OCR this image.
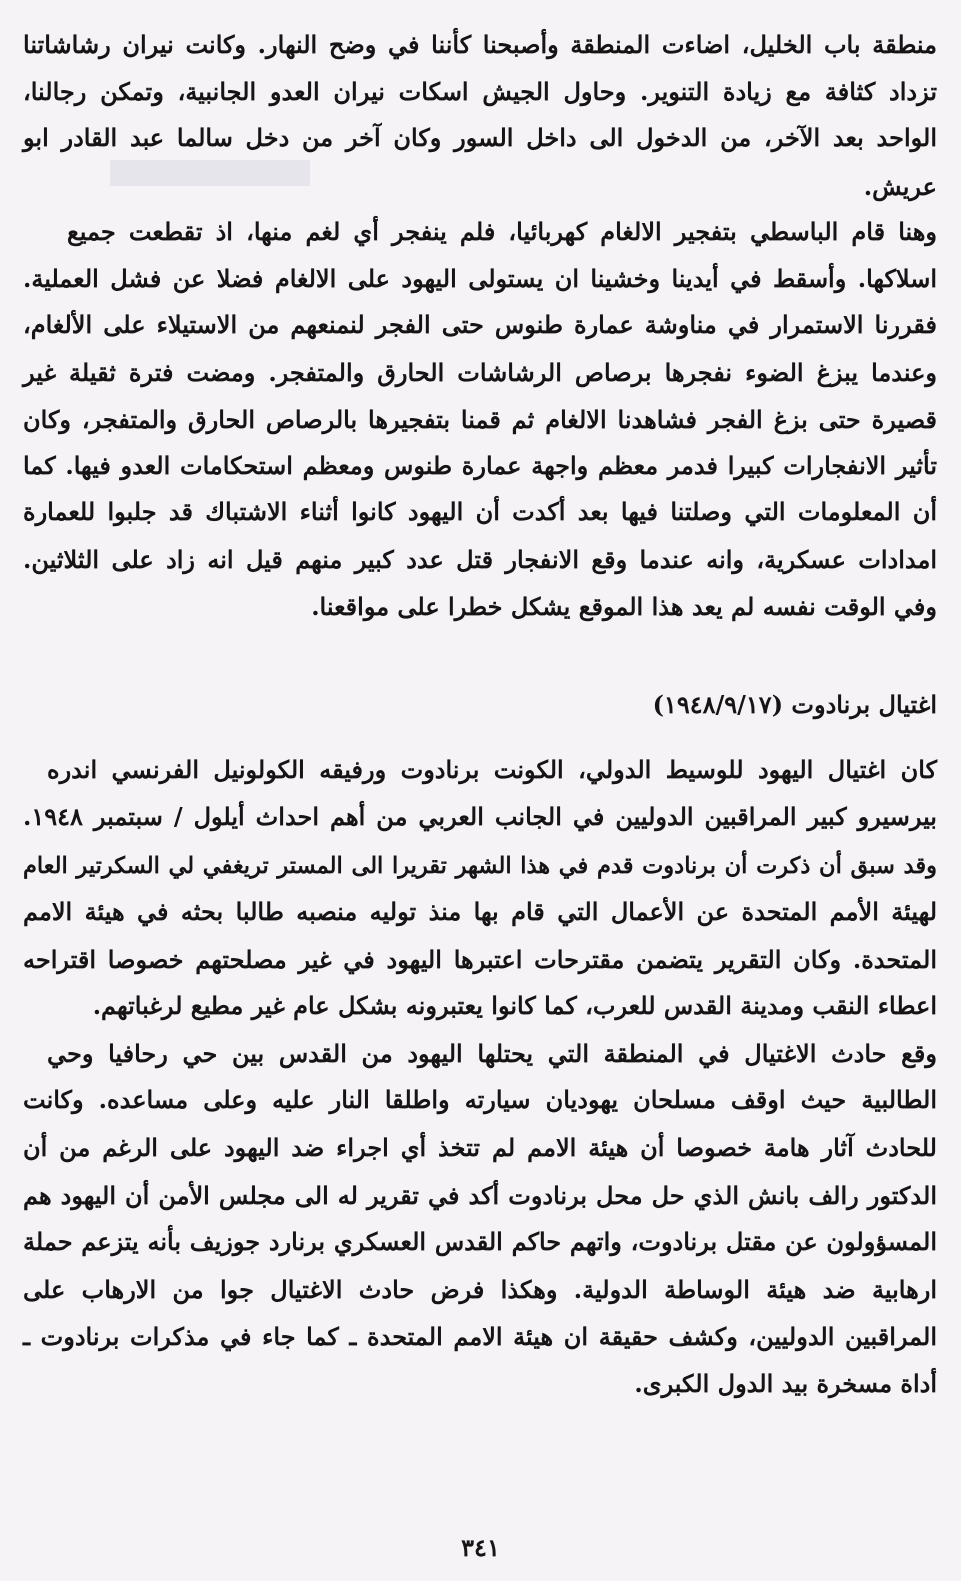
منطقة باب الخليل، اضاءت المنطقة وأصبحنا كأننا في وضح النهار. وكانت نيران رشاشاتنا
تزداد كثافة مع زيادة التنوير. وحاول الجيش اسكات نيران العدو الجانبية، وتمكن رجالنا،
الواحد بعد الآخر، من الدخول الى داخل السور وكان آخر من دخل سالما عبد القادر ابو
عريش.
وهنا قام الباسطي بتفجير الالغام كهربائيا، فلم ينفجر أي لغم منها، اذ تقطعت جميع
اسلاكها. وأسقط في أيدينا وخشينا ان يستولى اليهود على الالغام فضلا عن فشل العملية.
فقررنا الاستمرار في مناوشة عمارة طنوس حتى الفجر لنمنعهم من الاستيلاء على الألغام،
وعندما يبزغ الضوء نفجرها برصاص الرشاشات الحارق والمتفجر. ومضت فترة ثقيلة غير
قصيرة حتى بزغ الفجر فشاهدنا الالغام ثم قمنا بتفجيرها بالرصاص الحارق والمتفجر، وكان
تأثير الانفجارات كبيرا فدمر معظم واجهة عمارة طنوس ومعظم استحكامات العدو فيها. كما
أن المعلومات التي وصلتنا فيها بعد أكدت أن اليهود كانوا أثناء الاشتباك قد جلبوا للعمارة
امدادات عسكرية، وانه عندما وقع الانفجار قتل عدد كبير منهم قيل انه زاد على الثلاثين.
وفي الوقت نفسه لم يعد هذا الموقع يشكل خطرا على مواقعنا.
اغتيال برنادوت (١٩٤٨/٩/١٧)
كان اغتيال اليهود للوسيط الدولي، الكونت برنادوت ورفيقه الكولونيل الفرنسي اندره
بيرسيرو كبير المراقبين الدوليين في الجانب العربي من أهم احداث أيلول / سبتمبر ١٩٤٨.
وقد سبق أن ذكرت أن برنادوت قدم في هذا الشهر تقريرا الى المستر تريغفي لي السكرتير العام
لهيئة الأمم المتحدة عن الأعمال التي قام بها منذ توليه منصبه طالبا بحثه في هيئة الامم
المتحدة. وكان التقرير يتضمن مقترحات اعتبرها اليهود في غير مصلحتهم خصوصا اقتراحه
اعطاء النقب ومدينة القدس للعرب، كما كانوا يعتبرونه بشكل عام غير مطيع لرغباتهم.
وقع حادث الاغتيال في المنطقة التي يحتلها اليهود من القدس بين حي رحافيا وحي
الطالبية حيث اوقف مسلحان يهوديان سيارته واطلقا النار عليه وعلى مساعده. وكانت
للحادث آثار هامة خصوصا أن هيئة الامم لم تتخذ أي اجراء ضد اليهود على الرغم من أن
الدكتور رالف بانش الذي حل محل برنادوت أكد في تقرير له الى مجلس الأمن أن اليهود هم
المسؤولون عن مقتل برنادوت، واتهم حاكم القدس العسكري برنارد جوزيف بأنه يتزعم حملة
ارهابية ضد هيئة الوساطة الدولية. وهكذا فرض حادث الاغتيال جوا من الارهاب على
المراقبين الدوليين، وكشف حقيقة ان هيئة الامم المتحدة ـ كما جاء في مذكرات برنادوت ـ
أداة مسخرة بيد الدول الكبرى.
٣٤١
